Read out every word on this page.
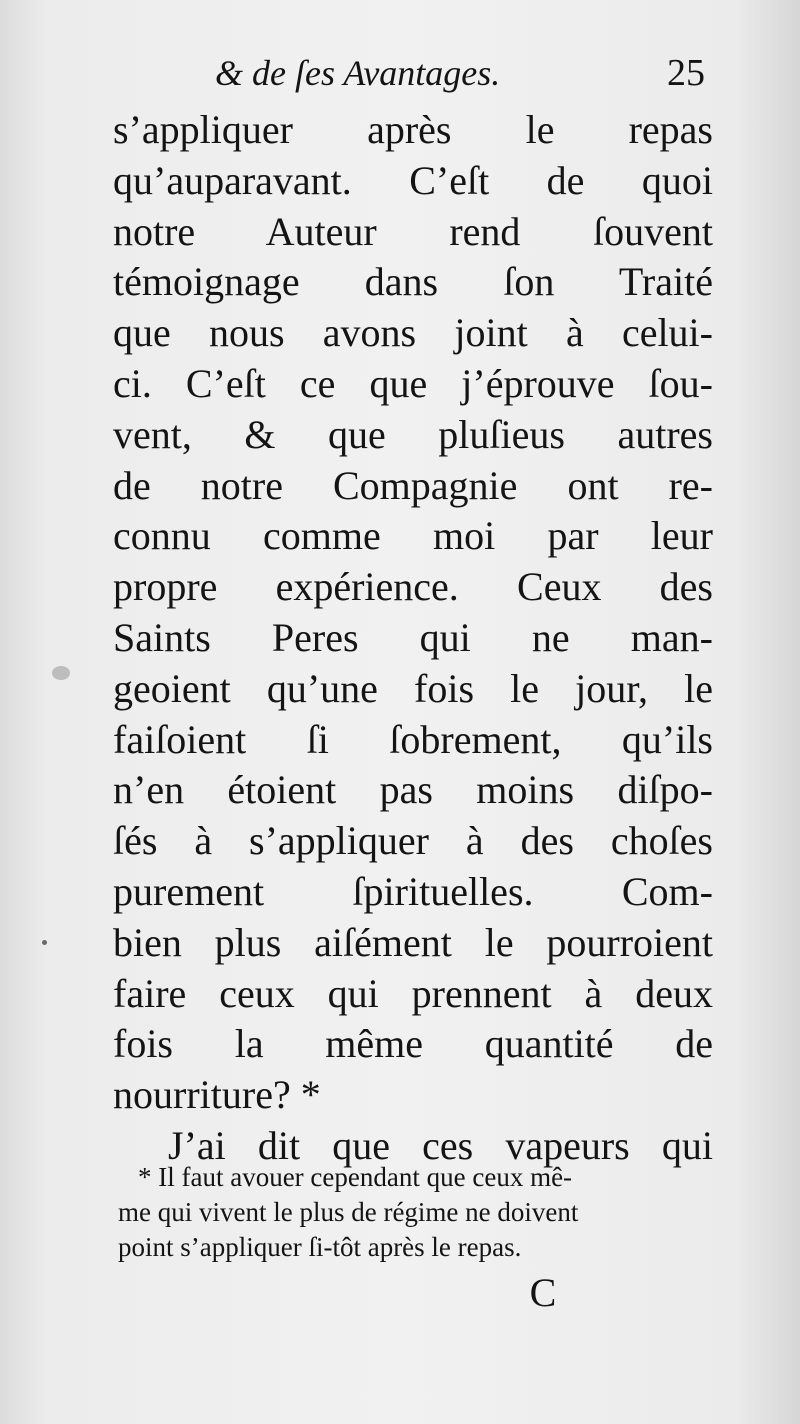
& de ſes Avantages.	25
s’appliquer après le repas
qu’auparavant. C’eſt de quoi
notre Auteur rend ſouvent
témoignage dans ſon Traité
que nous avons joint à celui-
ci. C’eſt ce que j’éprouve ſou-
vent, & que pluſieus autres
de notre Compagnie ont re-
connu comme moi par leur
propre expérience. Ceux des
Saints Peres qui ne man-
geoient qu’une fois le jour, le
faiſoient ſi ſobrement, qu’ils
n’en étoient pas moins diſpo-
ſés à s’appliquer à des choſes
purement ſpirituelles. Com-
bien plus aiſément le pourroient
faire ceux qui prennent à deux
fois la même quantité de
nourriture? *
J’ai dit que ces vapeurs qui
* Il faut avouer cependant que ceux mê-
me qui vivent le plus de régime ne doivent
point s’appliquer ſi-tôt après le repas.
C
